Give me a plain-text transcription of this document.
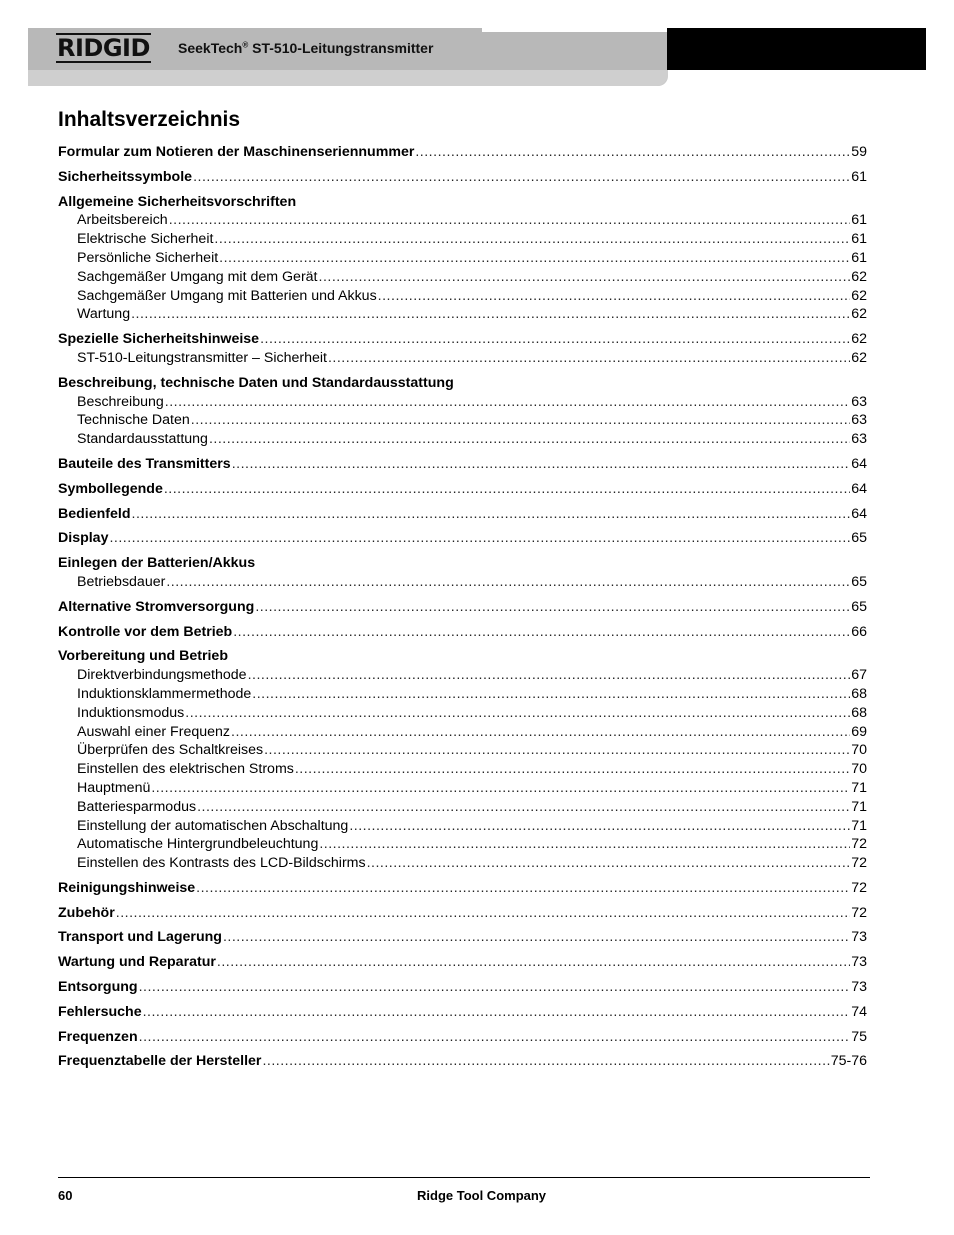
RIDGID SeekTech® ST-510-Leitungstransmitter
Inhaltsverzeichnis
Formular zum Notieren der Maschinenseriennummer .....	59
Sicherheitssymbole .....	61
Allgemeine Sicherheitsvorschriften
Arbeitsbereich .....	61
Elektrische Sicherheit .....	61
Persönliche Sicherheit .....	61
Sachgemäßer Umgang mit dem Gerät .....	62
Sachgemäßer Umgang mit Batterien und Akkus .....	62
Wartung .....	62
Spezielle Sicherheitshinweise .....	62
ST-510-Leitungstransmitter – Sicherheit .....	62
Beschreibung, technische Daten und Standardausstattung
Beschreibung .....	63
Technische Daten .....	63
Standardausstattung .....	63
Bauteile des Transmitters .....	64
Symbollegende .....	64
Bedienfeld .....	64
Display .....	65
Einlegen der Batterien/Akkus
Betriebsdauer .....	65
Alternative Stromversorgung .....	65
Kontrolle vor dem Betrieb .....	66
Vorbereitung und Betrieb
Direktverbindungsmethode .....	67
Induktionsklammermethode .....	68
Induktionsmodus .....	68
Auswahl einer Frequenz .....	69
Überprüfen des Schaltkreises .....	70
Einstellen des elektrischen Stroms .....	70
Hauptmenü .....	71
Batteriesparmodus .....	71
Einstellung der automatischen Abschaltung .....	71
Automatische Hintergrundbeleuchtung .....	72
Einstellen des Kontrasts des LCD-Bildschirms .....	72
Reinigungshinweise .....	72
Zubehör .....	72
Transport und Lagerung .....	73
Wartung und Reparatur .....	73
Entsorgung .....	73
Fehlersuche .....	74
Frequenzen .....	75
Frequenztabelle der Hersteller .....	75-76
60	Ridge Tool Company
